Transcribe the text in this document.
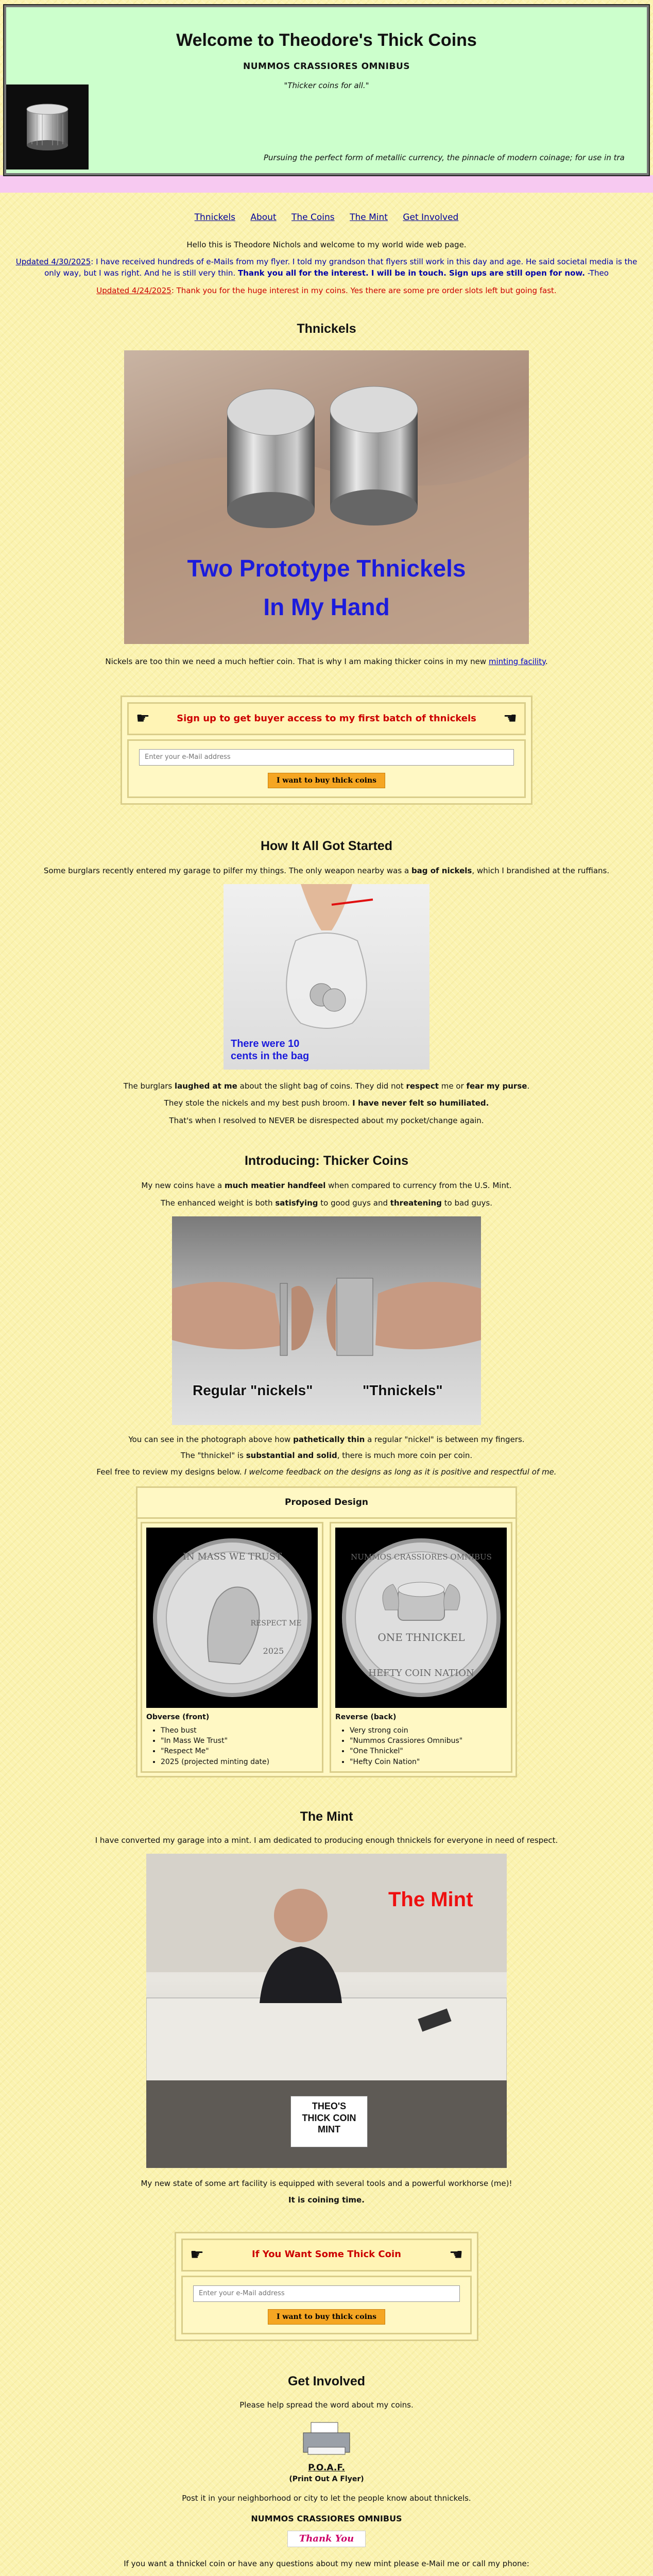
Welcome to Theodore's Thick Coins
NUMMOS CRASSIORES OMNIBUS
"Thicker coins for all."
Pursuing the perfect form of metallic currency, the pinnacle of modern coinage; for use in tra
Thnickels About The Coins The Mint Get Involved

Hello this is Theodore Nichols and welcome to my world wide web page.

Updated 4/30/2025: I have received hundreds of e-Mails from my flyer. I told my grandson that flyers still work in this day and age. He said societal media is the only way, but I was right. And he is still very thin. Thank you all for the interest. I will be in touch. Sign ups are still open for now. -Theo

Updated 4/24/2025: Thank you for the huge interest in my coins. Yes there are some pre order slots left but going fast.

Thnickels
Two Prototype Thnickels
In My Hand

Nickels are too thin we need a much heftier coin. That is why I am making thicker coins in my new minting facility.

☛	Sign up to get buyer access to my first batch of thnickels ☚
Enter your e-Mail address
I want to buy thick coins
How It All Got Started

Some burglars recently entered my garage to pilfer my things. The only weapon nearby was a bag of nickels, which I brandished at the ruffians.

There were 10
cents in the bag

The burglars laughed at me about the slight bag of coins. They did not respect me or fear my purse.

They stole the nickels and my best push broom. I have never felt so humiliated.

That's when I resolved to NEVER be disrespected about my pocket/change again.

Introducing: Thicker Coins

My new coins have a much meatier handfeel when compared to currency from the U.S. Mint.

The enhanced weight is both satisfying to good guys and threatening to bad guys.

Regular "nickels"	"Thnickels"

You can see in the photograph above how pathetically thin a regular "nickel" is between my fingers.

The "thnickel" is substantial and solid, there is much more coin per coin.

Feel free to review my designs below. I welcome feedback on the designs as long as it is positive and respectful of me.

Proposed Design
IN MASS WE TRUST
RESPECT ME
2025
Obverse (front)
• Theo bust
• "In Mass We Trust"
• "Respect Me"
• 2025 (projected minting date)
NUMMOS CRASSIORES OMNIBUS
ONE THNICKEL
HEFTY COIN NATION
Reverse (back)
• Very strong coin
• "Nummos Crassiores Omnibus"
• "One Thnickel"
• "Hefty Coin Nation"
The Mint

I have converted my garage into a mint. I am dedicated to producing enough thnickels for everyone in need of respect.

The Mint
THEO'S
THICK COIN
MINT

My new state of some art facility is equipped with several tools and a powerful workhorse (me)!

It is coining time.

☛	If You Want Some Thick Coin	☚
Enter your e-Mail address
I want to buy thick coins
Get Involved

Please help spread the word about my coins.

P.O.A.F.
(Print Out A Flyer)

Post it in your neighborhood or city to let the people know about thnickels.

NUMMOS CRASSIORES OMNIBUS

Thank You

If you want a thnickel coin or have any questions about my new mint please e-Mail me or call my phone:
